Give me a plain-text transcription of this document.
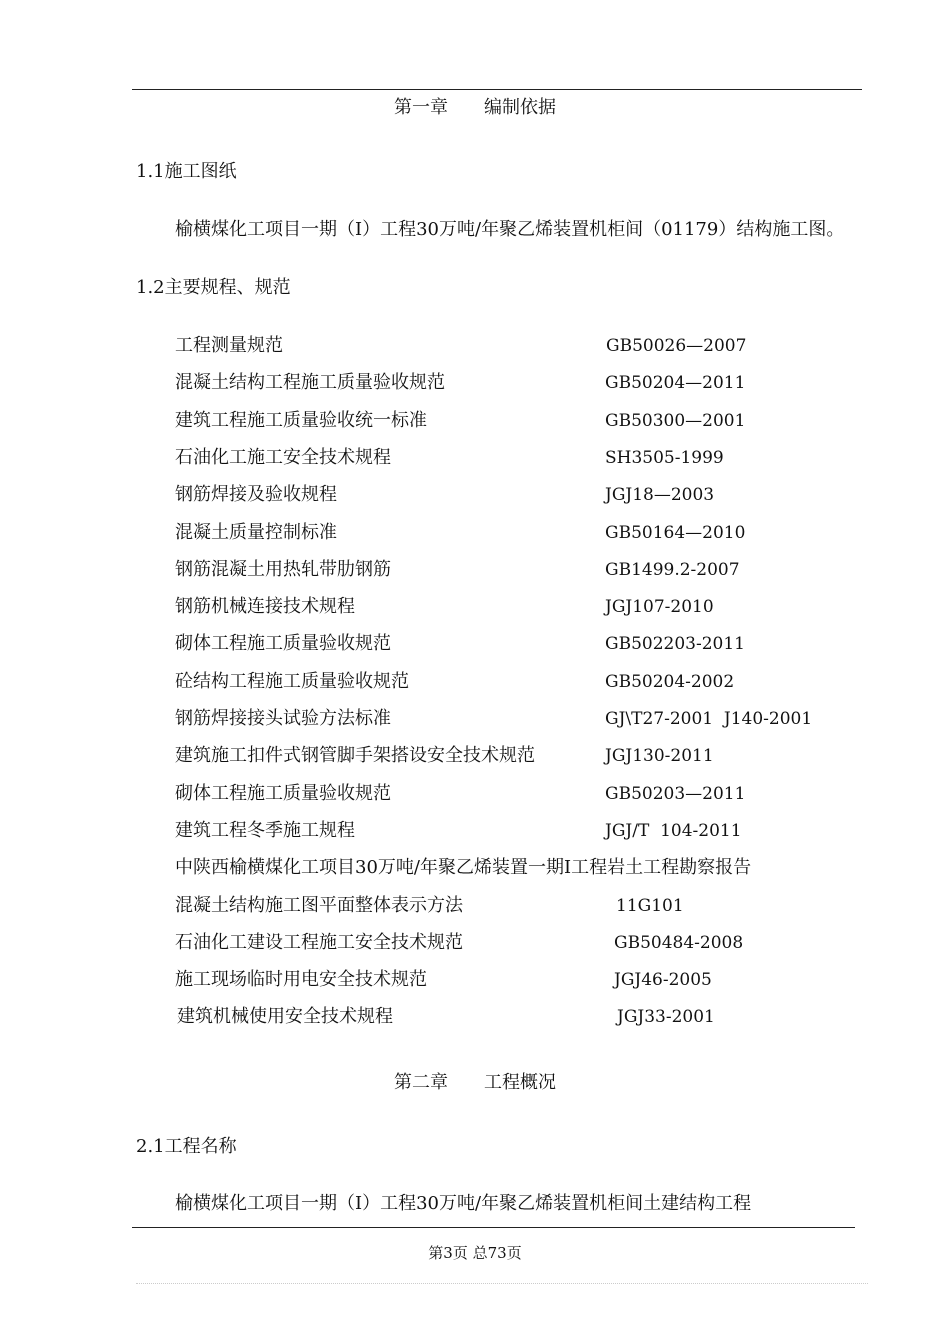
第一章　　编制依据
1.1施工图纸
榆横煤化工项目一期（I）工程30万吨/年聚乙烯装置机柜间（01179）结构施工图。
1.2主要规程、规范
工程测量规范	GB50026—2007
混凝土结构工程施工质量验收规范	GB50204—2011
建筑工程施工质量验收统一标准	GB50300—2001
石油化工施工安全技术规程	SH3505-1999
钢筋焊接及验收规程	JGJ18—2003
混凝土质量控制标准	GB50164—2010
钢筋混凝土用热轧带肋钢筋	GB1499.2-2007
钢筋机械连接技术规程	JGJ107-2010
砌体工程施工质量验收规范	GB502203-2011
砼结构工程施工质量验收规范	GB50204-2002
钢筋焊接接头试验方法标准	GJ\T27-2001  J140-2001
建筑施工扣件式钢管脚手架搭设安全技术规范	JGJ130-2011
砌体工程施工质量验收规范	GB50203—2011
建筑工程冬季施工规程	JGJ/T  104-2011
中陕西榆横煤化工项目30万吨/年聚乙烯装置一期I工程岩土工程勘察报告
混凝土结构施工图平面整体表示方法	11G101
石油化工建设工程施工安全技术规范	GB50484-2008
施工现场临时用电安全技术规范	JGJ46-2005
建筑机械使用安全技术规程	JGJ33-2001
第二章　　工程概况
2.1工程名称
榆横煤化工项目一期（I）工程30万吨/年聚乙烯装置机柜间土建结构工程
第3页 总73页
